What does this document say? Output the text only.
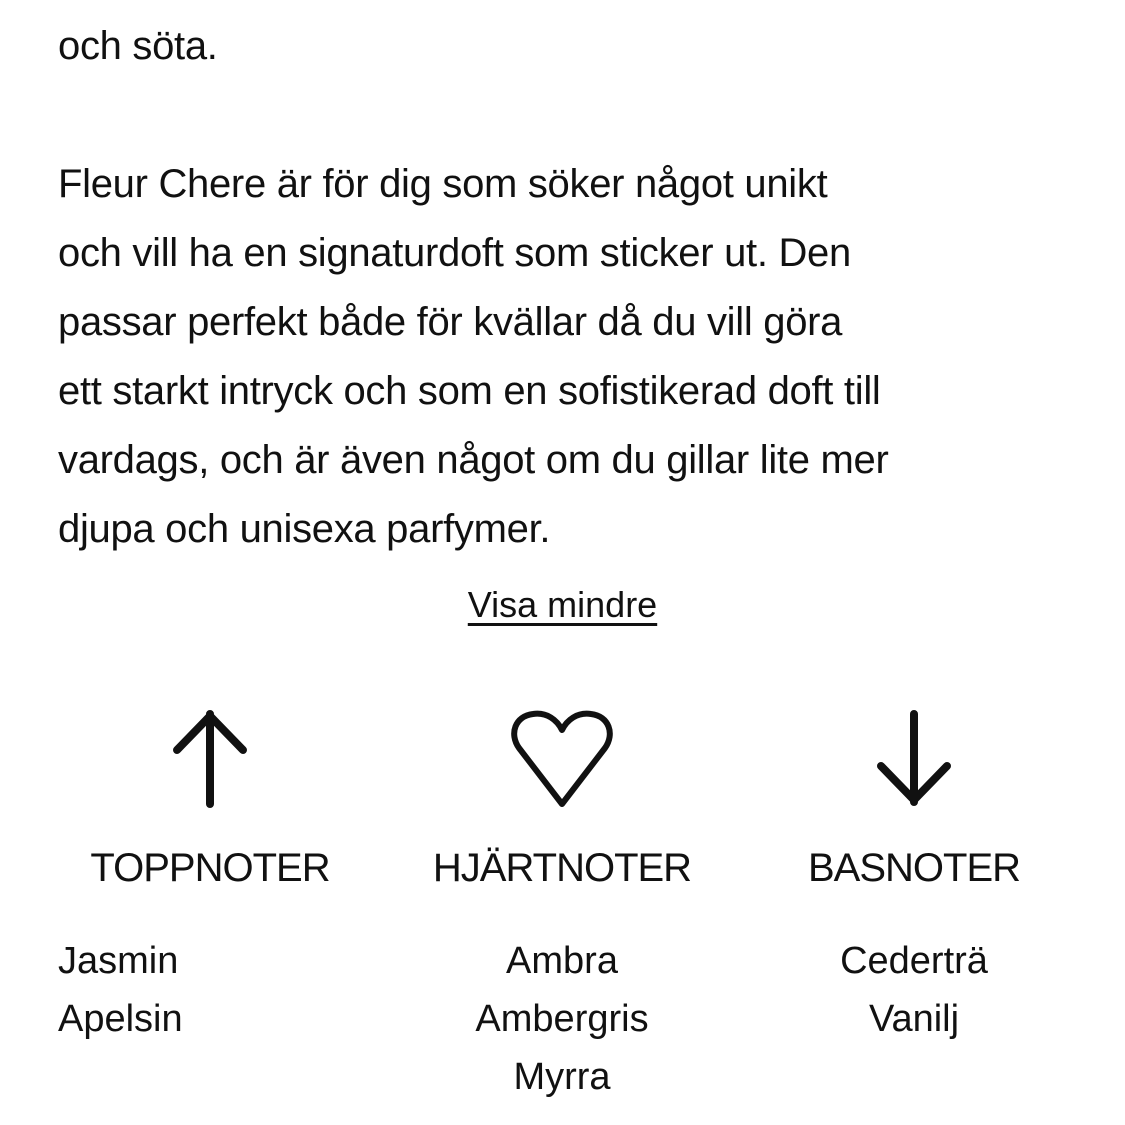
och söta.

Fleur Chere är för dig som söker något unikt

och vill ha en signaturdoft som sticker ut. Den

passar perfekt både för kvällar då du vill göra

ett starkt intryck och som en sofistikerad doft till

vardags, och är även något om du gillar lite mer

djupa och unisexa parfymer.

Visa mindre
TOPPNOTER
Jasmin
Apelsin
HJÄRTNOTER
Ambra
Ambergris
Myrra
BASNOTER
Cederträ
Vanilj
